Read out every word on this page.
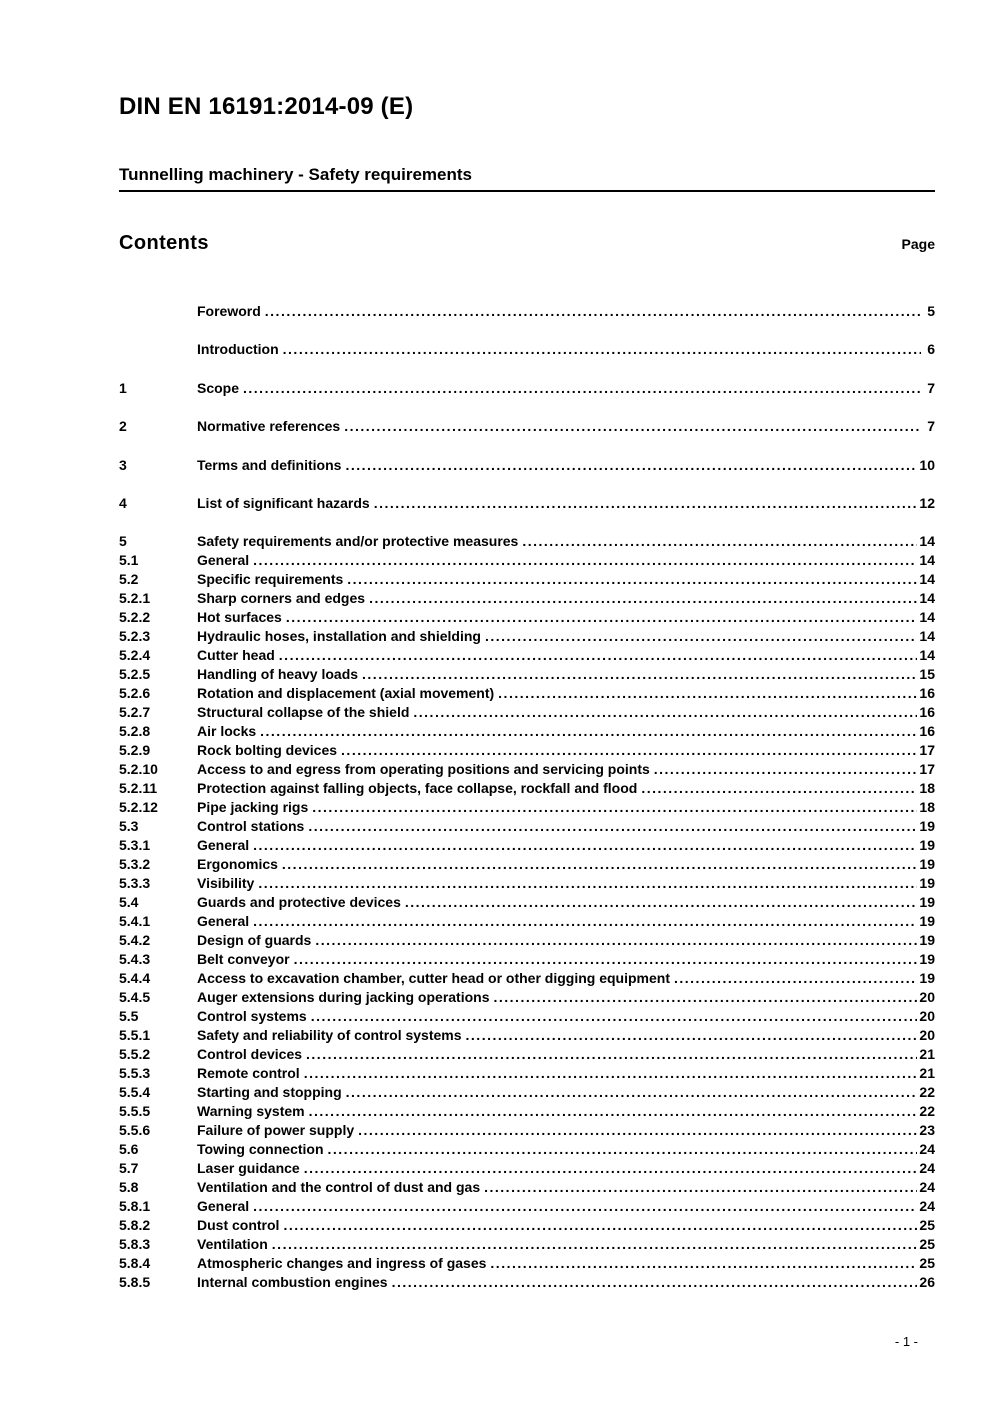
DIN EN 16191:2014-09 (E)
Tunnelling machinery - Safety requirements
Contents	Page
Foreword .....	5
Introduction .....	6
1	Scope .....	7
2	Normative references .....	7
3	Terms and definitions .....	10
4	List of significant hazards .....	12
5	Safety requirements and/or protective measures .....	14
5.1	General .....	14
5.2	Specific requirements .....	14
5.2.1	Sharp corners and edges .....	14
5.2.2	Hot surfaces .....	14
5.2.3	Hydraulic hoses, installation and shielding .....	14
5.2.4	Cutter head .....	14
5.2.5	Handling of heavy loads .....	15
5.2.6	Rotation and displacement (axial movement) .....	16
5.2.7	Structural collapse of the shield .....	16
5.2.8	Air locks .....	16
5.2.9	Rock bolting devices .....	17
5.2.10	Access to and egress from operating positions and servicing points .....	17
5.2.11	Protection against falling objects, face collapse, rockfall and flood .....	18
5.2.12	Pipe jacking rigs .....	18
5.3	Control stations .....	19
5.3.1	General .....	19
5.3.2	Ergonomics .....	19
5.3.3	Visibility .....	19
5.4	Guards and protective devices .....	19
5.4.1	General .....	19
5.4.2	Design of guards .....	19
5.4.3	Belt conveyor .....	19
5.4.4	Access to excavation chamber, cutter head or other digging equipment .....	19
5.4.5	Auger extensions during jacking operations .....	20
5.5	Control systems .....	20
5.5.1	Safety and reliability of control systems .....	20
5.5.2	Control devices .....	21
5.5.3	Remote control .....	21
5.5.4	Starting and stopping .....	22
5.5.5	Warning system .....	22
5.5.6	Failure of power supply .....	23
5.6	Towing connection .....	24
5.7	Laser guidance .....	24
5.8	Ventilation and the control of dust and gas .....	24
5.8.1	General .....	24
5.8.2	Dust control .....	25
5.8.3	Ventilation .....	25
5.8.4	Atmospheric changes and ingress of gases .....	25
5.8.5	Internal combustion engines .....	26
- 1 -
